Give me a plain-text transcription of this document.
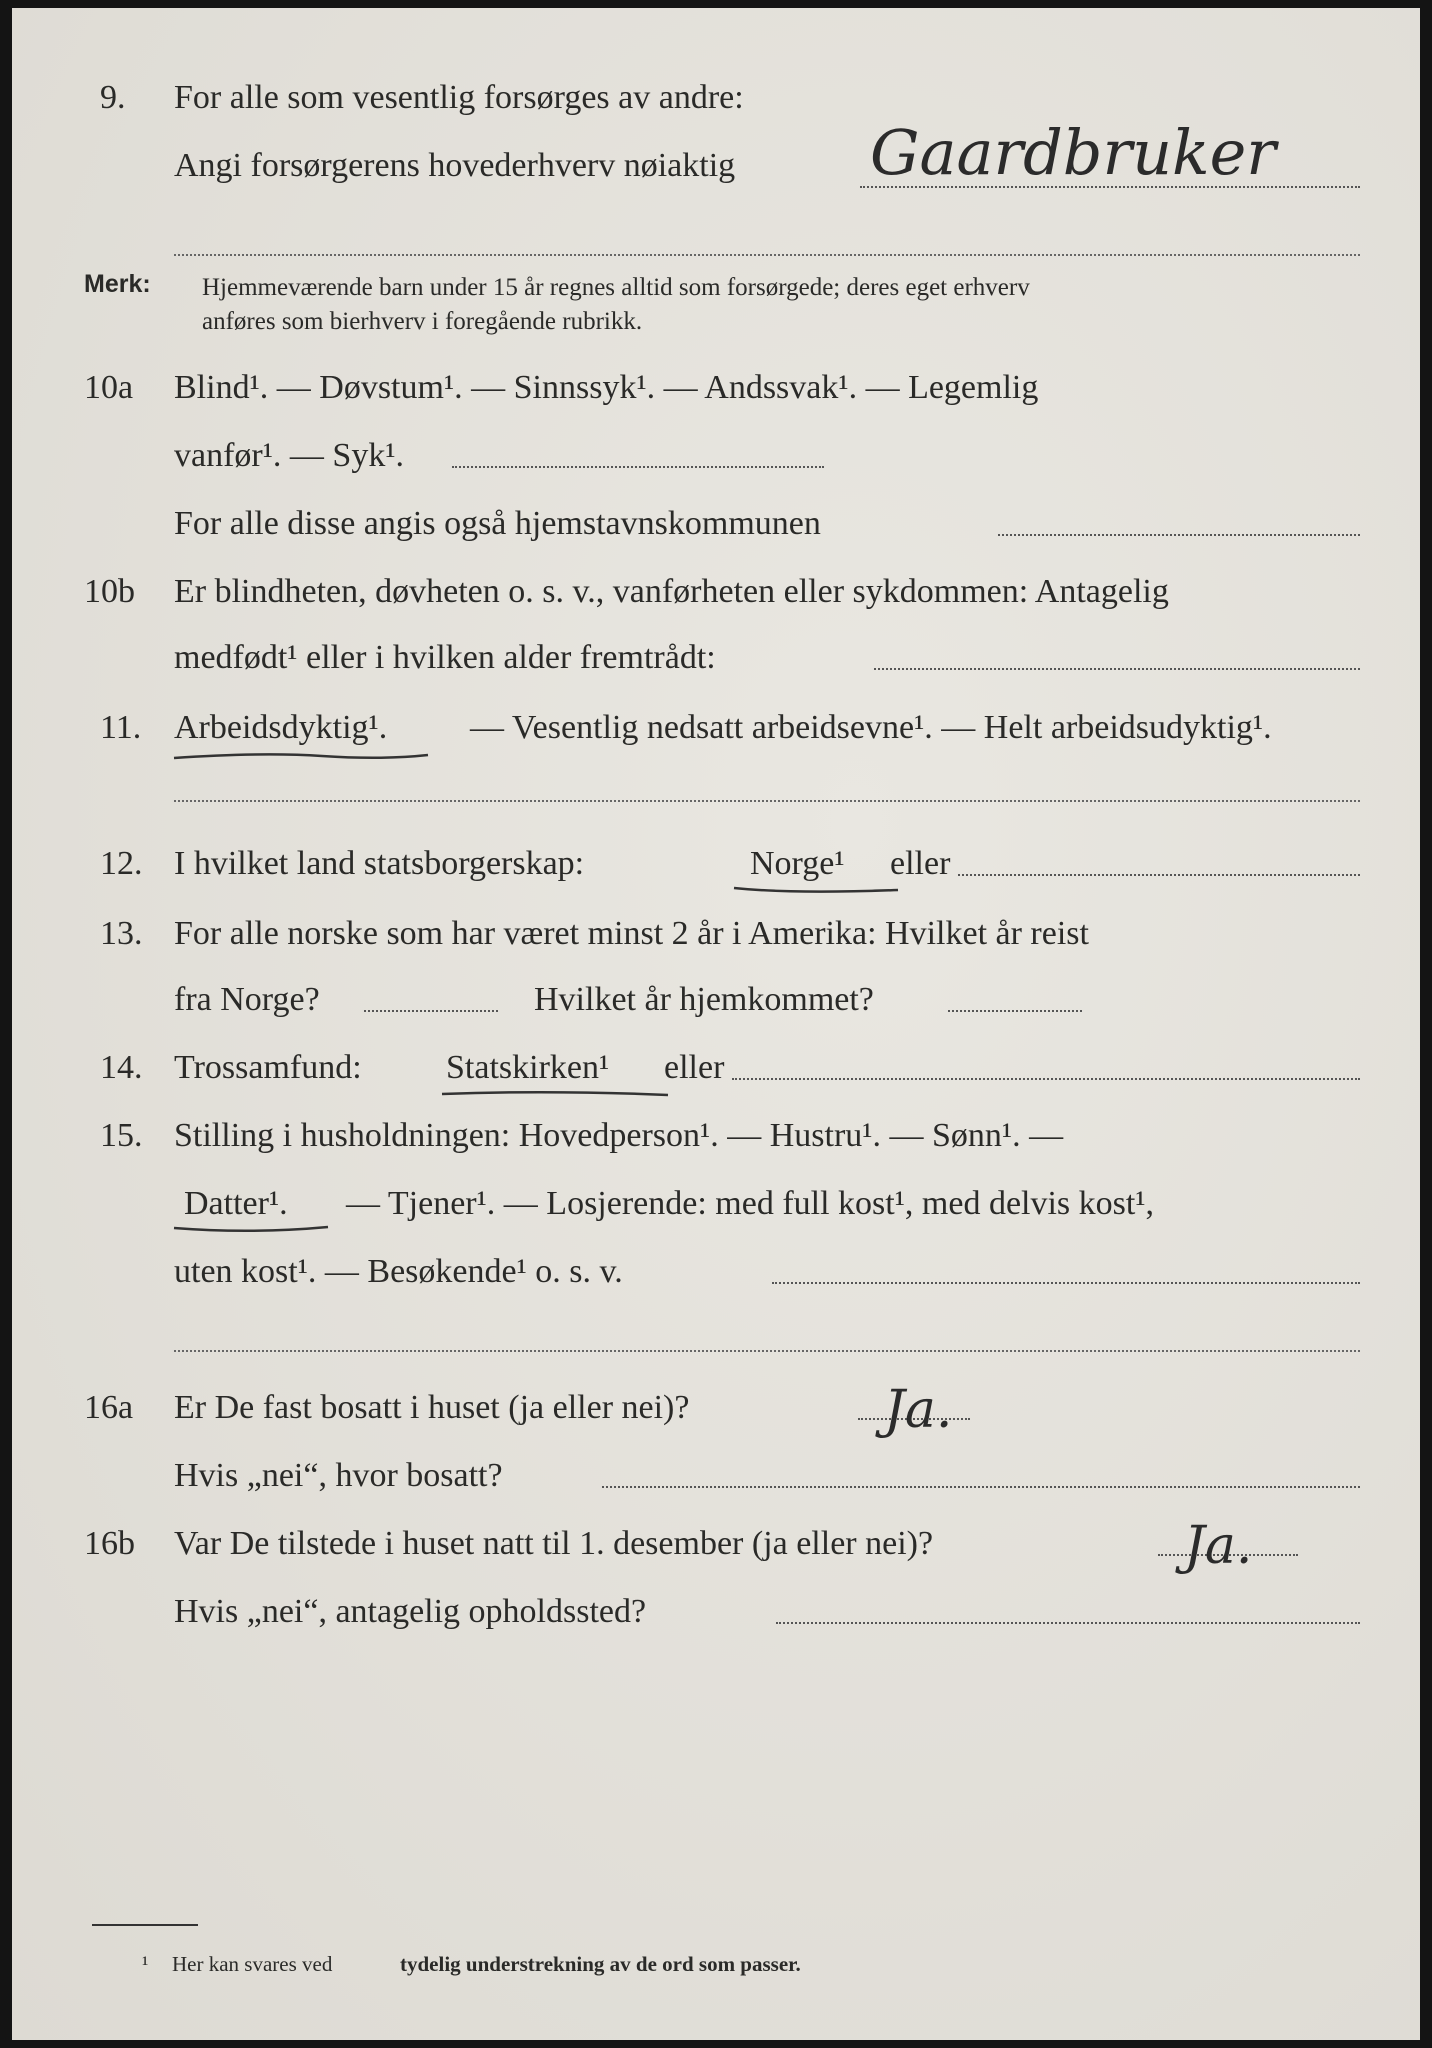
9. For alle som vesentlig forsørges av andre:
Angi forsørgerens hovederhverv nøiaktig Gaardbruker
Merk: Hjemmeværende barn under 15 år regnes alltid som forsørgede; deres eget erhverv
anføres som bierhverv i foregående rubrikk.
10a Blind¹. — Døvstum¹. — Sinnssyk¹. — Andssvak¹. — Legemlig
vanfør¹. — Syk¹.
For alle disse angis også hjemstavnskommunen
10b Er blindheten, døvheten o. s. v., vanførheten eller sykdommen: Antagelig
medfødt¹ eller i hvilken alder fremtrådt:
11. Arbeidsdyktig¹. — Vesentlig nedsatt arbeidsevne¹. — Helt arbeidsudyktig¹.
12. I hvilket land statsborgerskap:	Norge¹ eller
13. For alle norske som har været minst 2 år i Amerika: Hvilket år reist
fra Norge?	Hvilket år hjemkommet?
14. Trossamfund: Statskirken¹ eller
15. Stilling i husholdningen: Hovedperson¹. — Hustru¹. — Sønn¹. —
Datter¹. — Tjener¹. — Losjerende: med full kost¹, med delvis kost¹,
uten kost¹. — Besøkende¹ o. s. v.
16a Er De fast bosatt i huset (ja eller nei)?	Ja.
Hvis „nei“, hvor bosatt?
16b Var De tilstede i huset natt til 1. desember (ja eller nei)?	Ja.
Hvis „nei“, antagelig opholdssted?
¹ Her kan svares ved	tydelig understrekning av de ord som passer.
